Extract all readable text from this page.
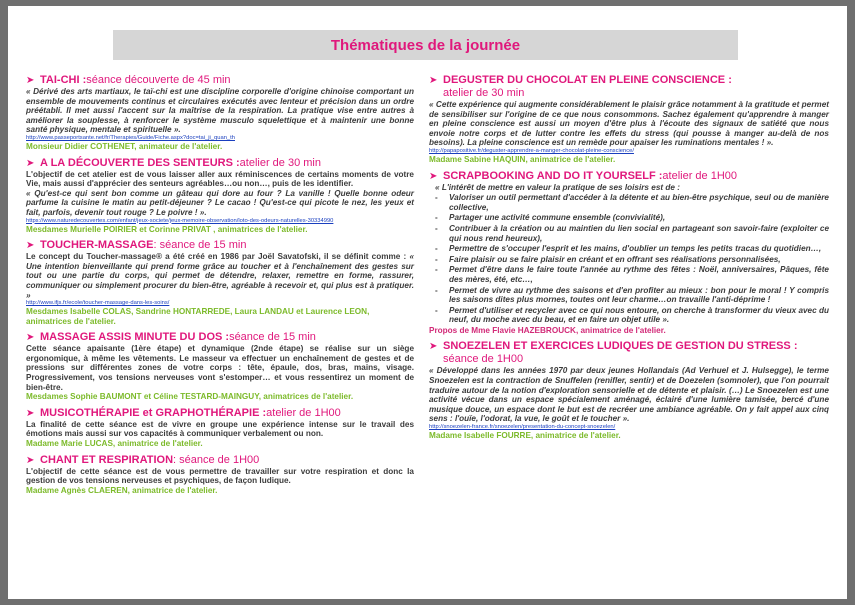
Thématiques de la journée
➤ TAI-CHI : séance découverte de 45 min

« Dérivé des arts martiaux, le taï-chi est une discipline corporelle d'origine chinoise comportant un ensemble de mouvements continus et circulaires exécutés avec lenteur et précision dans un ordre préétabli. Il met aussi l'accent sur la maîtrise de la respiration. La pratique vise entre autres à améliorer la souplesse, à renforcer le système musculo squelettique et à maintenir une bonne santé physique, mentale et spirituelle ».

http://www.passeportsante.net/fr/Therapies/Guide/Fiche.aspx?doc=tai_ji_quan_th
Monsieur Didier COTHENET, animateur de l'atelier.
➤ A LA DÉCOUVERTE DES SENTEURS : atelier de 30 min

L'objectif de cet atelier est de vous laisser aller aux réminiscences de certains moments de votre Vie, mais aussi d'apprécier des senteurs agréables…ou non…, puis de les identifier.

« Qu'est-ce qui sent bon comme un gâteau qui dore au four ? La vanille ! Quelle bonne odeur parfume la cuisine le matin au petit-déjeuner ? Le cacao ! Qu'est-ce qui picote le nez, les yeux et fait, parfois, devenir tout rouge ? Le poivre ! ».

https://www.naturedecouvertes.com/enfant/jeux-societe/jeux-memoire-observation/loto-des-odeurs-naturelles-30334990
Mesdames Murielle POIRIER et Corinne PRIVAT , animatrices de l'atelier.
➤ TOUCHER-MASSAGE : séance de 15 min

Le concept du Toucher-massage® a été créé en 1986 par Joël Savatofski, il se définit comme : « Une intention bienveillante qui prend forme grâce au toucher et à l'enchaînement des gestes sur tout ou une partie du corps, qui permet de détendre, relaxer, remettre en forme, rassurer, communiquer ou simplement procurer du bien-être, agréable à recevoir et, qui plus est à pratiquer. »

http://www.ifjs.fr/ecole/toucher-massage-dans-les-soins/
Mesdames Isabelle COLAS, Sandrine HONTARREDE, Laura LANDAU et Laurence LEON, animatrices de l'atelier.
➤ MASSAGE ASSIS MINUTE DU DOS : séance de 15 min

Cette séance apaisante (1ère étape) et dynamique (2nde étape) se réalise sur un siège ergonomique, à même les vêtements. Le masseur va effectuer un enchaînement de gestes et de pressions sur différentes zones de votre corps : tête, épaule, dos, bras, mains, visage. Progressivement, vos tensions nerveuses vont s'estomper… et vous ressentirez un moment de bien-être.

Mesdames Sophie BAUMONT et Céline TESTARD-MAINGUY, animatrices de l'atelier.
➤ MUSICOTHÉRAPIE et GRAPHOTHÉRAPIE : atelier de 1H00

La finalité de cette séance est de vivre en groupe une expérience intense sur le travail des émotions mais aussi sur vos capacités à communiquer verbalement ou non.

Madame Marie LUCAS, animatrice de l'atelier.
➤ CHANT ET RESPIRATION : séance de 1H00

L'objectif de cette séance est de vous permettre de travailler sur votre respiration et donc la gestion de vos tensions nerveuses et psychiques, de façon ludique.

Madame Agnès CLAEREN, animatrice de l'atelier.
➤ DEGUSTER DU CHOCOLAT EN PLEINE CONSCIENCE :
atelier de 30 min

« Cette expérience qui augmente considérablement le plaisir grâce notamment à la gratitude et permet de sensibiliser sur l'origine de ce que nous consommons. Sachez également qu'apprendre à manger en pleine conscience est aussi un moyen d'être plus à l'écoute des signaux de satiété que nous envoie notre corps et de lutter contre les effets du stress (qui pousse à manger au-delà de nos besoins). La pleine conscience est un remède pour apaiser les ruminations mentales ! ».

http://papapositive.fr/deguster-apprendre-a-manger-chocolat-pleine-conscience/
Madame Sabine HAQUIN, animatrice de l'atelier.
➤ SCRAPBOOKING AND DO IT YOURSELF : atelier de 1H00

« L'intérêt de mettre en valeur la pratique de ses loisirs est de :

- Valoriser un outil permettant d'accéder à la détente et au bien-être psychique, seul ou de manière collective,
- Partager une activité commune ensemble (convivialité),
- Contribuer à la création ou au maintien du lien social en partageant son savoir-faire (exploiter ce qui nous rend heureux),
- Permettre de s'occuper l'esprit et les mains, d'oublier un temps les petits tracas du quotidien…,
- Faire plaisir ou se faire plaisir en créant et en offrant ses réalisations personnalisées,
- Permet d'être dans le faire toute l'année au rythme des fêtes : Noël, anniversaires, Pâques, fête des mères, été, etc…,
- Permet de vivre au rythme des saisons et d'en profiter au mieux : bon pour le moral ! Y compris les saisons dites plus mornes, toutes ont leur charme…on travaille l'anti-déprime !
- Permet d'utiliser et recycler avec ce qui nous entoure, on cherche à transformer du vieux avec du neuf, du moche avec du beau, et en faire un objet utile ».
Propos de Mme Flavie HAZEBROUCK, animatrice de l'atelier.
➤ SNOEZELEN ET EXERCICES LUDIQUES DE GESTION DU STRESS :
séance de 1H00

« Développé dans les années 1970 par deux jeunes Hollandais (Ad Verhuel et J. Hulsegge), le terme Snoezelen est la contraction de Snuffelen (renifler, sentir) et de Doezelen (somnoler), que l'on pourrait traduire autour de la notion d'exploration sensorielle et de détente et plaisir. (…) Le Snoezelen est une activité vécue dans un espace spécialement aménagé, éclairé d'une lumière tamisée, bercé d'une musique douce, un espace dont le but est de recréer une ambiance agréable. On y fait appel aux cinq sens : l'ouïe, l'odorat, la vue, le goût et le toucher ».

http://snoezelen-france.fr/snoezelen/presentation-du-concept-snoezelen/
Madame Isabelle FOURRE, animatrice de l'atelier.
